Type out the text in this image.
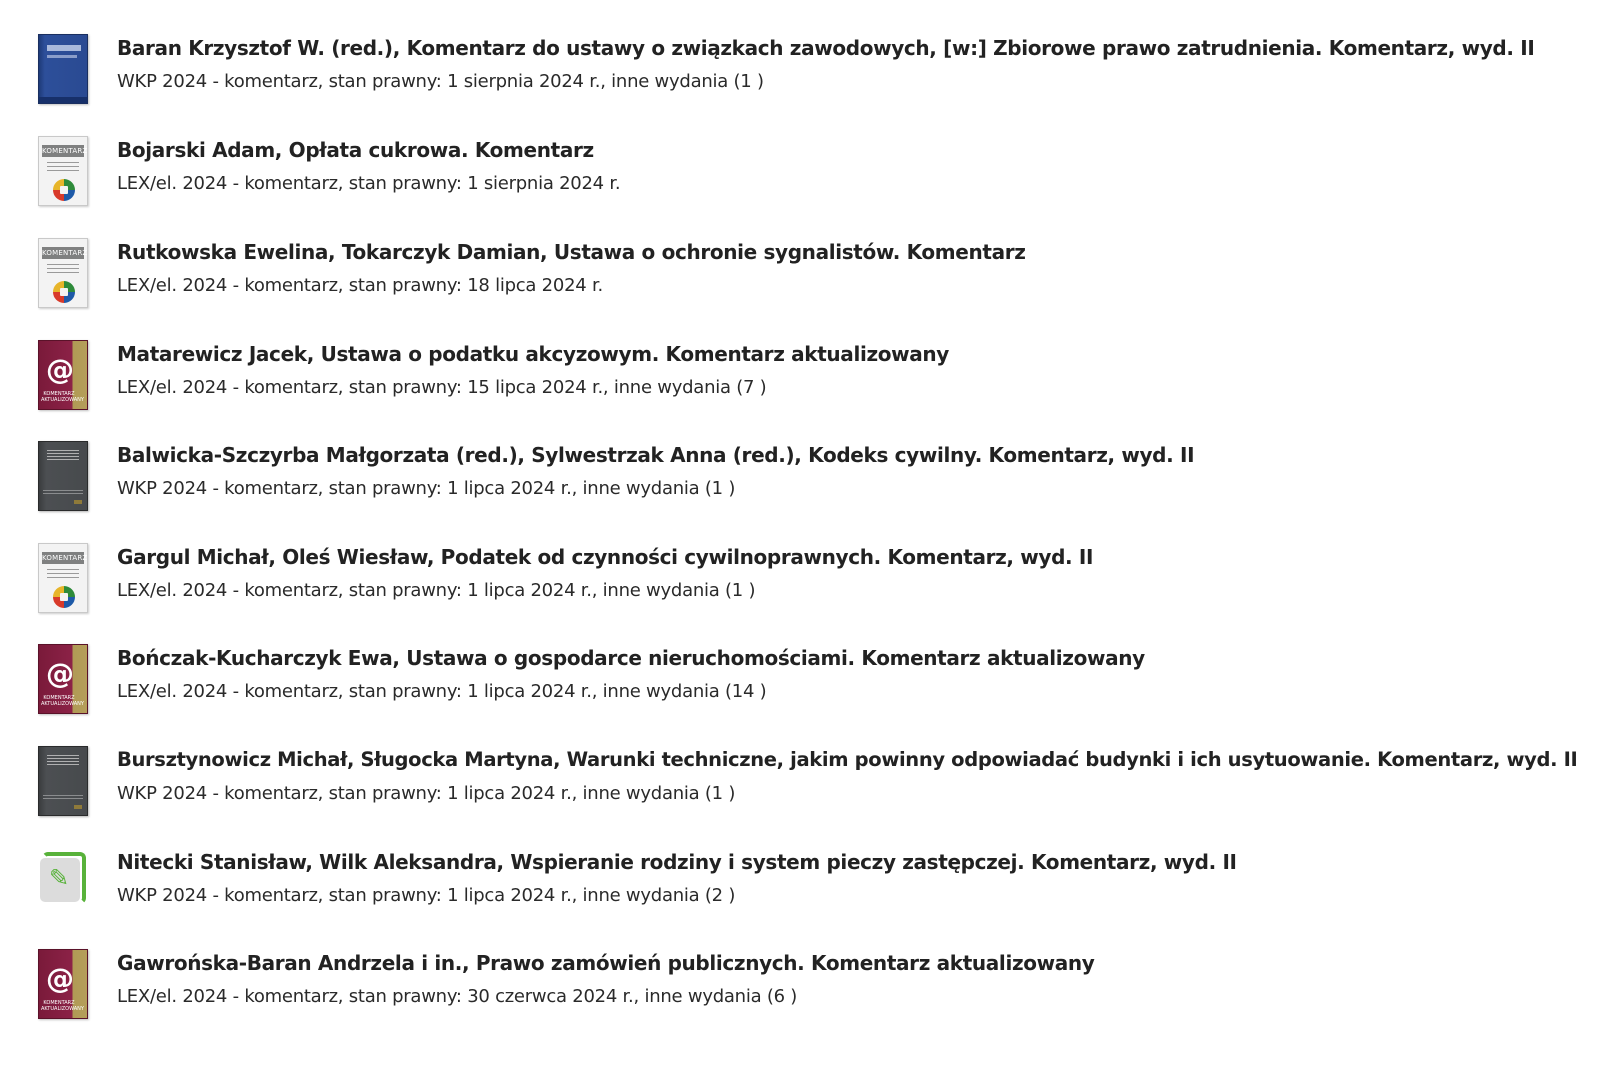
Baran Krzysztof W. (red.), Komentarz do ustawy o związkach zawodowych, [w:] Zbiorowe prawo zatrudnienia. Komentarz, wyd. II
WKP 2024 - komentarz, stan prawny: 1 sierpnia 2024 r., inne wydania (1 )
KOMENTARZ Bojarski Adam, Opłata cukrowa. Komentarz
LEX/el. 2024 - komentarz, stan prawny: 1 sierpnia 2024 r.
KOMENTARZ Rutkowska Ewelina, Tokarczyk Damian, Ustawa o ochronie sygnalistów. Komentarz
LEX/el. 2024 - komentarz, stan prawny: 18 lipca 2024 r.
@
KOMENTARZ AKTUALIZOWANY
Matarewicz Jacek, Ustawa o podatku akcyzowym. Komentarz aktualizowany
LEX/el. 2024 - komentarz, stan prawny: 15 lipca 2024 r., inne wydania (7 )
Balwicka-Szczyrba Małgorzata (red.), Sylwestrzak Anna (red.), Kodeks cywilny. Komentarz, wyd. II
WKP 2024 - komentarz, stan prawny: 1 lipca 2024 r., inne wydania (1 )
KOMENTARZ Gargul Michał, Oleś Wiesław, Podatek od czynności cywilnoprawnych. Komentarz, wyd. II
LEX/el. 2024 - komentarz, stan prawny: 1 lipca 2024 r., inne wydania (1 )
@
KOMENTARZ AKTUALIZOWANY
Bończak-Kucharczyk Ewa, Ustawa o gospodarce nieruchomościami. Komentarz aktualizowany
LEX/el. 2024 - komentarz, stan prawny: 1 lipca 2024 r., inne wydania (14 )
Bursztynowicz Michał, Sługocka Martyna, Warunki techniczne, jakim powinny odpowiadać budynki i ich usytuowanie. Komentarz, wyd. II
WKP 2024 - komentarz, stan prawny: 1 lipca 2024 r., inne wydania (1 )
✎
Nitecki Stanisław, Wilk Aleksandra, Wspieranie rodziny i system pieczy zastępczej. Komentarz, wyd. II
WKP 2024 - komentarz, stan prawny: 1 lipca 2024 r., inne wydania (2 )
@
KOMENTARZ AKTUALIZOWANY
Gawrońska-Baran Andrzela i in., Prawo zamówień publicznych. Komentarz aktualizowany
LEX/el. 2024 - komentarz, stan prawny: 30 czerwca 2024 r., inne wydania (6 )
